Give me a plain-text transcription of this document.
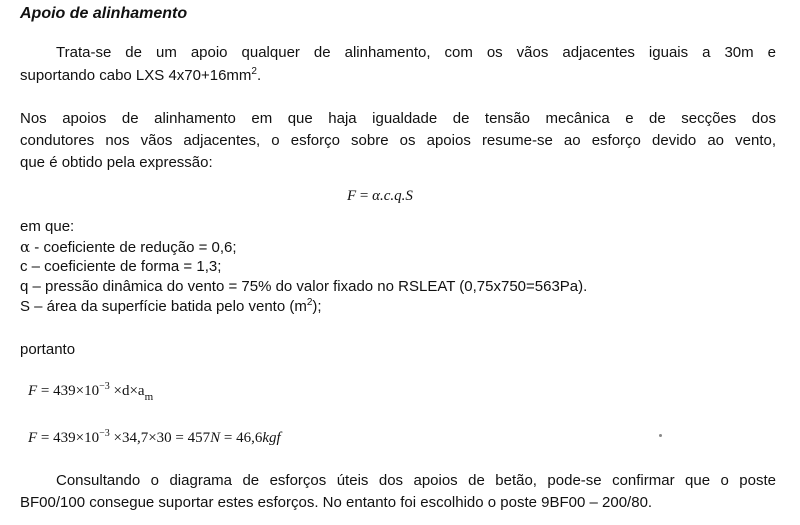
Apoio de alinhamento
Trata-se de um apoio qualquer de alinhamento, com os vãos adjacentes iguais a 30m e
suportando cabo LXS $4x70+16mm^2$.
Nos apoios de alinhamento em que haja igualdade de tensão mecânica e de secções dos
condutores nos vãos adjacentes, o esforço sobre os apoios resume-se ao esforço devido ao vento,
que é obtido pela expressão:
F = α.c.q.S
em que:
α - coeficiente de redução = 0,6;
c – coeficiente de forma = 1,3;
q – pressão dinâmica do vento = 75% do valor fixado no RSLEAT (0,75x750=563Pa).
S – área da superfície batida pelo vento $(m^2)$;
portanto
$F = 439\times 10^{-3} \times d\times a_m$
$F = 439\times 10^{-3} \times 34,7\times 30 = 457N = 46,6kgf$
Consultando o diagrama de esforços úteis dos apoios de betão, pode-se confirmar que o poste
BF00/100 consegue suportar estes esforços. No entanto foi escolhido o poste 9BF00 – 200/80.
